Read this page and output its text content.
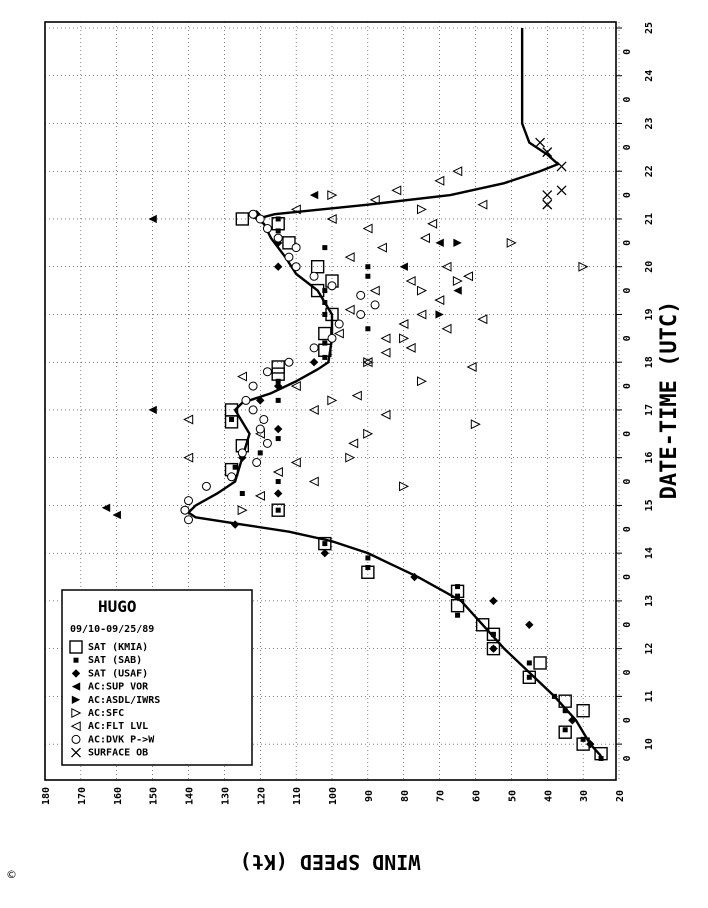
20
30
40
50
60
70
80
90
100
110
120
130
140
150
160
170
180
10
0
11
0
12
0
13
0
14
0
15
0
16
0
17
0
18
0
19
0
20
0
21
0
22
0
23
0
24
0
25
0
DATE-TIME (UTC)
WIND SPEED (Kt)
HUGO
09/10-09/25/89
SAT (KMIA)
SAT (SAB)
SAT (USAF)
AC:SUP VOR
AC:ASDL/IWRS
AC:SFC
AC:FLT LVL
AC:DVK P->W
SURFACE OB
©
